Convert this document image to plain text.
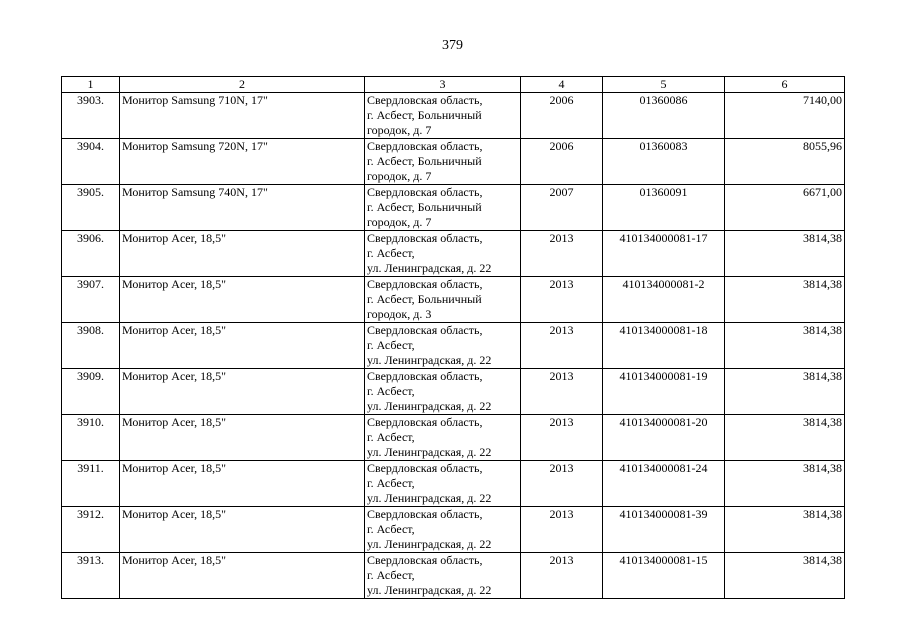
379
1	2	3	4	5	6
3903.	Монитор Samsung 710N, 17"	Свердловская область,
г. Асбест, Больничный
городок, д. 7	2006	01360086	7140,00
3904.	Монитор Samsung 720N, 17"	Свердловская область,
г. Асбест, Больничный
городок, д. 7	2006	01360083	8055,96
3905.	Монитор Samsung 740N, 17"	Свердловская область,
г. Асбест, Больничный
городок, д. 7	2007	01360091	6671,00
3906.	Монитор Acer, 18,5"	Свердловская область,
г. Асбест,
ул. Ленинградская, д. 22	2013	410134000081-17	3814,38
3907.	Монитор Acer, 18,5"	Свердловская область,
г. Асбест, Больничный
городок, д. 3	2013	410134000081-2	3814,38
3908.	Монитор Acer, 18,5"	Свердловская область,
г. Асбест,
ул. Ленинградская, д. 22	2013	410134000081-18	3814,38
3909.	Монитор Acer, 18,5"	Свердловская область,
г. Асбест,
ул. Ленинградская, д. 22	2013	410134000081-19	3814,38
3910.	Монитор Acer, 18,5"	Свердловская область,
г. Асбест,
ул. Ленинградская, д. 22	2013	410134000081-20	3814,38
3911.	Монитор Acer, 18,5"	Свердловская область,
г. Асбест,
ул. Ленинградская, д. 22	2013	410134000081-24	3814,38
3912.	Монитор Acer, 18,5"	Свердловская область,
г. Асбест,
ул. Ленинградская, д. 22	2013	410134000081-39	3814,38
3913.	Монитор Acer, 18,5"	Свердловская область,
г. Асбест,
ул. Ленинградская, д. 22	2013	410134000081-15	3814,38
